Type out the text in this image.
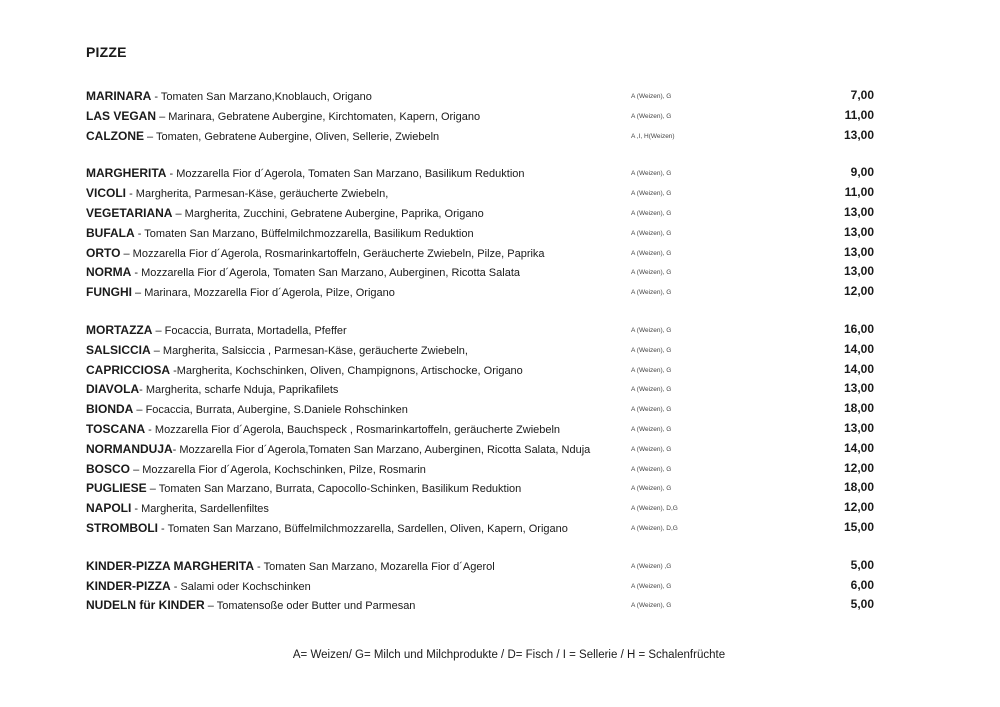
PIZZE
MARINARA - Tomaten San Marzano,Knoblauch, Origano	A (Weizen), G	7,00
LAS VEGAN – Marinara, Gebratene Aubergine, Kirchtomaten, Kapern, Origano	A (Weizen), G	11,00
CALZONE – Tomaten, Gebratene Aubergine, Oliven, Sellerie, Zwiebeln	A ,I, H(Weizen)	13,00
MARGHERITA - Mozzarella Fior d´Agerola, Tomaten San Marzano, Basilikum Reduktion	A (Weizen), G	9,00
VICOLI - Margherita, Parmesan-Käse, geräucherte Zwiebeln,	A (Weizen), G	11,00
VEGETARIANA – Margherita, Zucchini, Gebratene Aubergine, Paprika, Origano	A (Weizen), G	13,00
BUFALA - Tomaten San Marzano, Büffelmilchmozzarella, Basilikum Reduktion	A (Weizen), G	13,00
ORTO – Mozzarella Fior d´Agerola, Rosmarinkartoffeln, Geräucherte Zwiebeln, Pilze, Paprika	A (Weizen), G	13,00
NORMA - Mozzarella Fior d´Agerola, Tomaten San Marzano, Auberginen, Ricotta Salata	A (Weizen), G	13,00
FUNGHI – Marinara, Mozzarella Fior d´Agerola, Pilze, Origano	A (Weizen), G	12,00
MORTAZZA – Focaccia, Burrata, Mortadella, Pfeffer	A (Weizen), G	16,00
SALSICCIA – Margherita, Salsiccia , Parmesan-Käse, geräucherte Zwiebeln,	A (Weizen), G	14,00
CAPRICCIOSA -Margherita, Kochschinken, Oliven, Champignons, Artischocke, Origano	A (Weizen), G	14,00
DIAVOLA- Margherita, scharfe Nduja, Paprikafilets	A (Weizen), G	13,00
BIONDA – Focaccia, Burrata, Aubergine, S.Daniele Rohschinken	A (Weizen), G	18,00
TOSCANA - Mozzarella Fior d´Agerola, Bauchspeck , Rosmarinkartoffeln, geräucherte Zwiebeln	A (Weizen), G	13,00
NORMANDUJA- Mozzarella Fior d´Agerola,Tomaten San Marzano, Auberginen, Ricotta Salata, Nduja	A (Weizen), G	14,00
BOSCO – Mozzarella Fior d´Agerola, Kochschinken, Pilze, Rosmarin	A (Weizen), G	12,00
PUGLIESE – Tomaten San Marzano, Burrata, Capocollo-Schinken, Basilikum Reduktion	A (Weizen), G	18,00
NAPOLI - Margherita, Sardellenfiltes	A (Weizen), D,G	12,00
STROMBOLI - Tomaten San Marzano, Büffelmilchmozzarella, Sardellen, Oliven, Kapern, Origano	A (Weizen), D,G	15,00
KINDER-PIZZA MARGHERITA - Tomaten San Marzano, Mozarella Fior d´Agerol	A (Weizen) ,G	5,00
KINDER-PIZZA - Salami oder Kochschinken	A (Weizen), G	6,00
NUDELN für KINDER – Tomatensoße oder Butter und Parmesan	A (Weizen), G	5,00
A= Weizen/ G= Milch und Milchprodukte / D= Fisch / I = Sellerie / H = Schalenfrüchte
